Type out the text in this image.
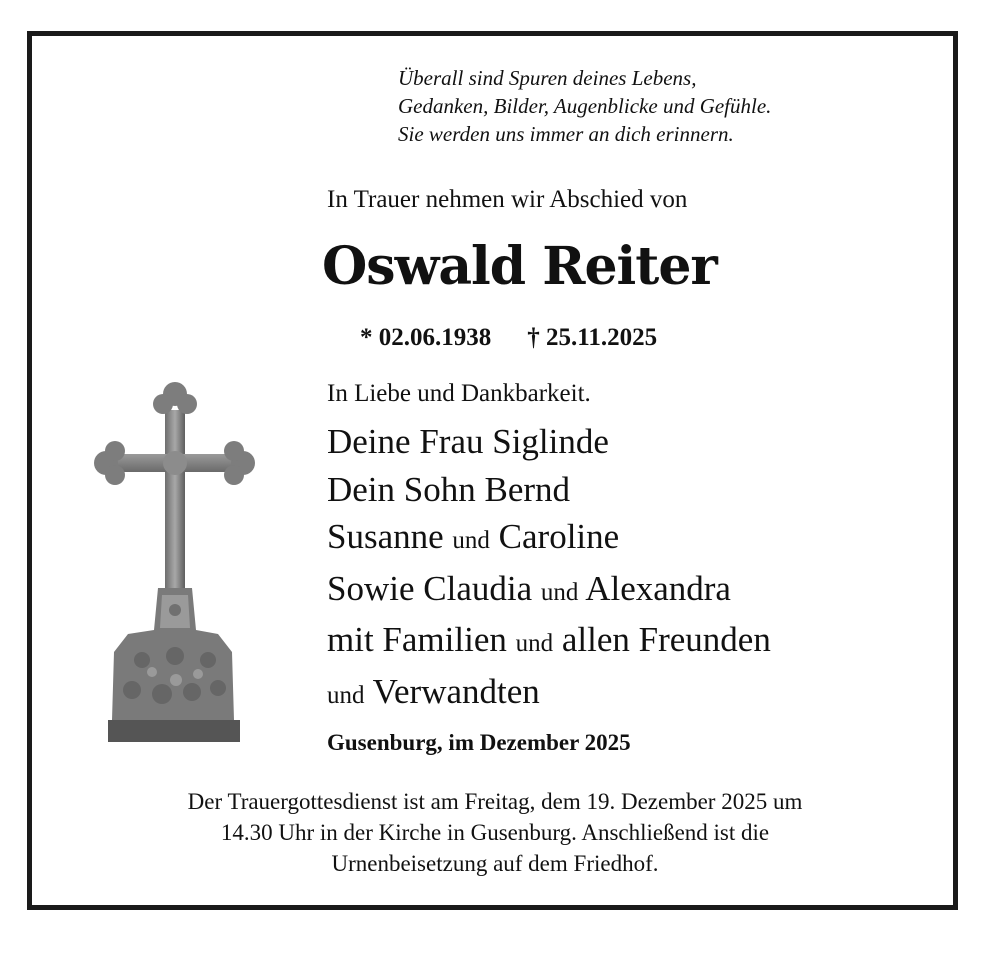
Überall sind Spuren deines Lebens,
Gedanken, Bilder, Augenblicke und Gefühle.
Sie werden uns immer an dich erinnern.
In Trauer nehmen wir Abschied von
Oswald Reiter
* 02.06.1938 † 25.11.2025
In Liebe und Dankbarkeit.
Deine Frau Siglinde
Dein Sohn Bernd
Susanne und Caroline
Sowie Claudia und Alexandra
mit Familien und allen Freunden
und Verwandten
Gusenburg, im Dezember 2025
Der Trauergottesdienst ist am Freitag, dem 19. Dezember 2025 um
14.30 Uhr in der Kirche in Gusenburg. Anschließend ist die
Urnenbeisetzung auf dem Friedhof.
